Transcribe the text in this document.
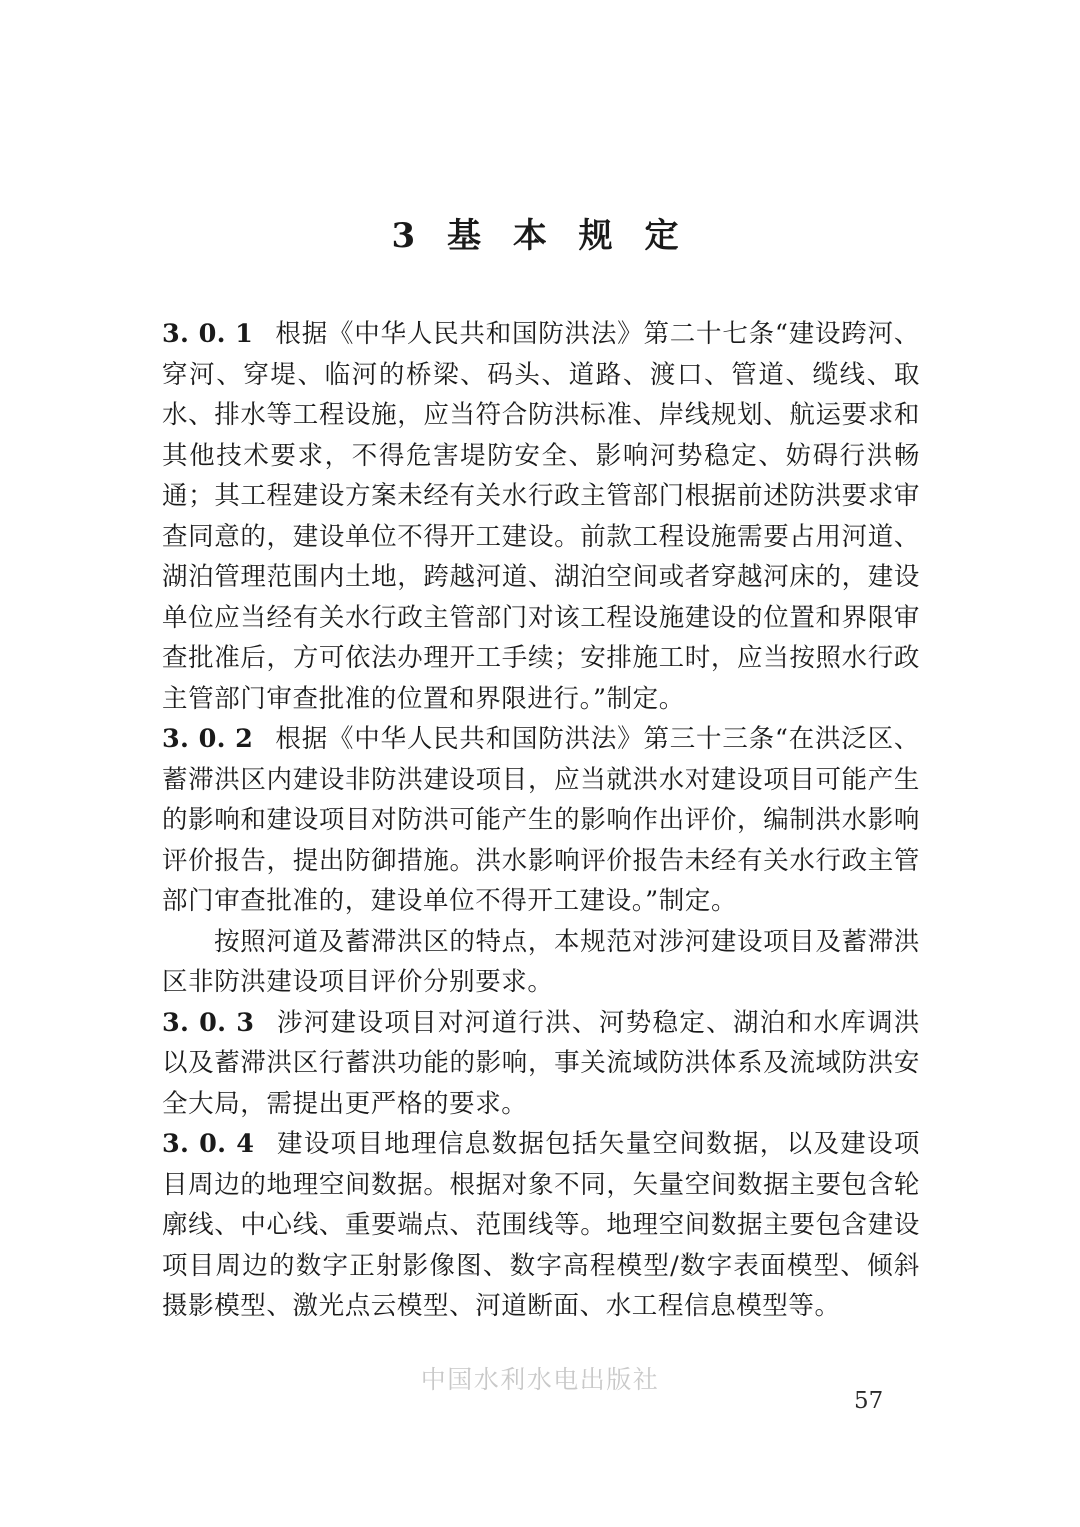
3 基 本 规 定

3. 0. 1 根据《中华人民共和国防洪法》第二十七条“建设跨河、穿河、穿堤、临河的桥梁、码头、道路、渡口、管道、缆线、取水、排水等工程设施，应当符合防洪标准、岸线规划、航运要求和其他技术要求，不得危害堤防安全、影响河势稳定、妨碍行洪畅通；其工程建设方案未经有关水行政主管部门根据前述防洪要求审查同意的，建设单位不得开工建设。前款工程设施需要占用河道、湖泊管理范围内土地，跨越河道、湖泊空间或者穿越河床的，建设单位应当经有关水行政主管部门对该工程设施建设的位置和界限审查批准后，方可依法办理开工手续；安排施工时，应当按照水行政主管部门审查批准的位置和界限进行。”制定。

3. 0. 2 根据《中华人民共和国防洪法》第三十三条“在洪泛区、蓄滞洪区内建设非防洪建设项目，应当就洪水对建设项目可能产生的影响和建设项目对防洪可能产生的影响作出评价，编制洪水影响评价报告，提出防御措施。洪水影响评价报告未经有关水行政主管部门审查批准的，建设单位不得开工建设。”制定。

按照河道及蓄滞洪区的特点，本规范对涉河建设项目及蓄滞洪区非防洪建设项目评价分别要求。

3. 0. 3 涉河建设项目对河道行洪、河势稳定、湖泊和水库调洪以及蓄滞洪区行蓄洪功能的影响，事关流域防洪体系及流域防洪安全大局，需提出更严格的要求。

3. 0. 4 建设项目地理信息数据包括矢量空间数据，以及建设项目周边的地理空间数据。根据对象不同，矢量空间数据主要包含轮廓线、中心线、重要端点、范围线等。地理空间数据主要包含建设项目周边的数字正射影像图、数字高程模型/数字表面模型、倾斜摄影模型、激光点云模型、河道断面、水工程信息模型等。

中国水利水电出版社
57
